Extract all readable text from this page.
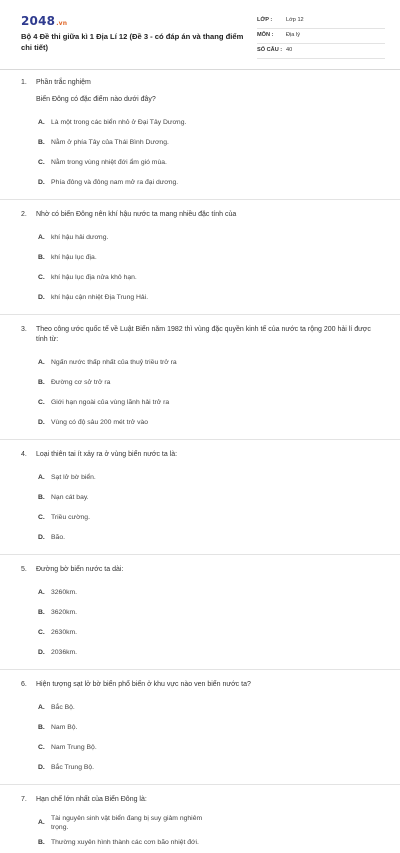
2048.vn
Bộ 4 Đề thi giữa kì 1 Địa Lí 12 (Đề 3 - có đáp án và thang điểm chi tiết)
LỚP : Lớp 12
MÔN : Địa lý
SỐ CÂU : 40
1.	Phần trắc nghiệm
Biển Đông có đặc điểm nào dưới đây?
A. Là một trong các biển nhỏ ở Đại Tây Dương.
B. Nằm ở phía Tây của Thái Bình Dương.
C. Nằm trong vùng nhiệt đới ẩm gió mùa.
D. Phía đông và đông nam mở ra đại dương.
2.	Nhờ có biển Đông nên khí hậu nước ta mang nhiều đặc tính của
A. khí hậu hải dương.
B. khí hậu lục địa.
C. khí hậu lục địa nửa khô hạn.
D. khí hậu cận nhiệt Địa Trung Hải.
3.	Theo công ước quốc tế về Luật Biển năm 1982 thì vùng đặc quyền kinh tế của nước ta rộng 200 hải lí được tính từ:
A. Ngấn nước thấp nhất của thuỷ triều trở ra
B. Đường cơ sở trở ra
C. Giới hạn ngoài của vùng lãnh hải trở ra
D. Vùng có độ sâu 200 mét trở vào
4.	Loại thiên tai ít xảy ra ở vùng biển nước ta là:
A. Sạt lở bờ biển.
B. Nạn cát bay.
C. Triều cường.
D. Bão.
5.	Đường bờ biển nước ta dài:
A. 3260km.
B. 3620km.
C. 2630km.
D. 2036km.
6.	Hiện tượng sạt lở bờ biển phổ biến ở khu vực nào ven biển nước ta?
A. Bắc Bộ.
B. Nam Bộ.
C. Nam Trung Bộ.
D. Bắc Trung Bộ.
7.	Hạn chế lớn nhất của Biển Đông là:
A.
Tài nguyên sinh vật biển đang bị suy giảm nghiêm trọng.
B. Thường xuyên hình thành các cơn bão nhiệt đới.
